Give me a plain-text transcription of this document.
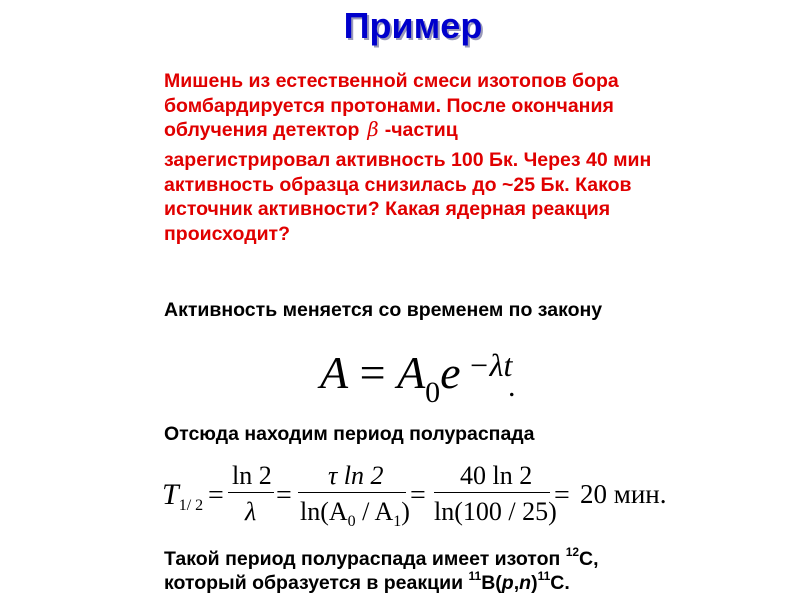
Пример
Мишень из естественной смеси изотопов бора бомбардируется протонами. После окончания облучения детектор β -частиц
зарегистрировал активность 100 Бк. Через 40 мин активность образца снизилась до ~25 Бк. Каков источник активности? Какая ядерная реакция происходит?
Активность меняется со временем по закону
$A = A_0e -\lambda t$
.
Отсюда находим период полураспада
$T_{1/ 2}$ =
ln 2
λ
=
τ ln 2
$\ln(A_0 / A_1)$
=
40 ln 2
ln(100 / 25)
= 20 мин.
Такой период полураспада имеет изотоп $^{12}$С,
который образуется в реакции $^{11}B(p,n)^{11}С$.
